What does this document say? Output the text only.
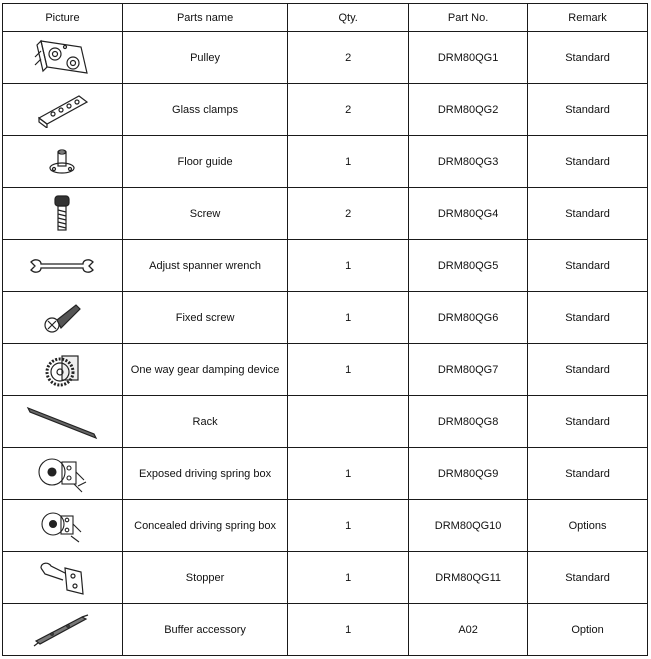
Picture	Parts name	Qty.	Part No.	Remark

	Pulley	2	DRM80QG1	Standard

	Glass clamps	2	DRM80QG2	Standard

	Floor guide	1	DRM80QG3	Standard

	Screw	2	DRM80QG4	Standard

	Adjust spanner wrench	1	DRM80QG5	Standard

	Fixed screw	1	DRM80QG6	Standard

	One way gear damping device	1	DRM80QG7	Standard

	Rack		DRM80QG8	Standard

	Exposed driving spring box	1	DRM80QG9	Standard

	Concealed driving spring box	1	DRM80QG10	Options

	Stopper	1	DRM80QG11	Standard

	Buffer accessory	1	A02	Option
